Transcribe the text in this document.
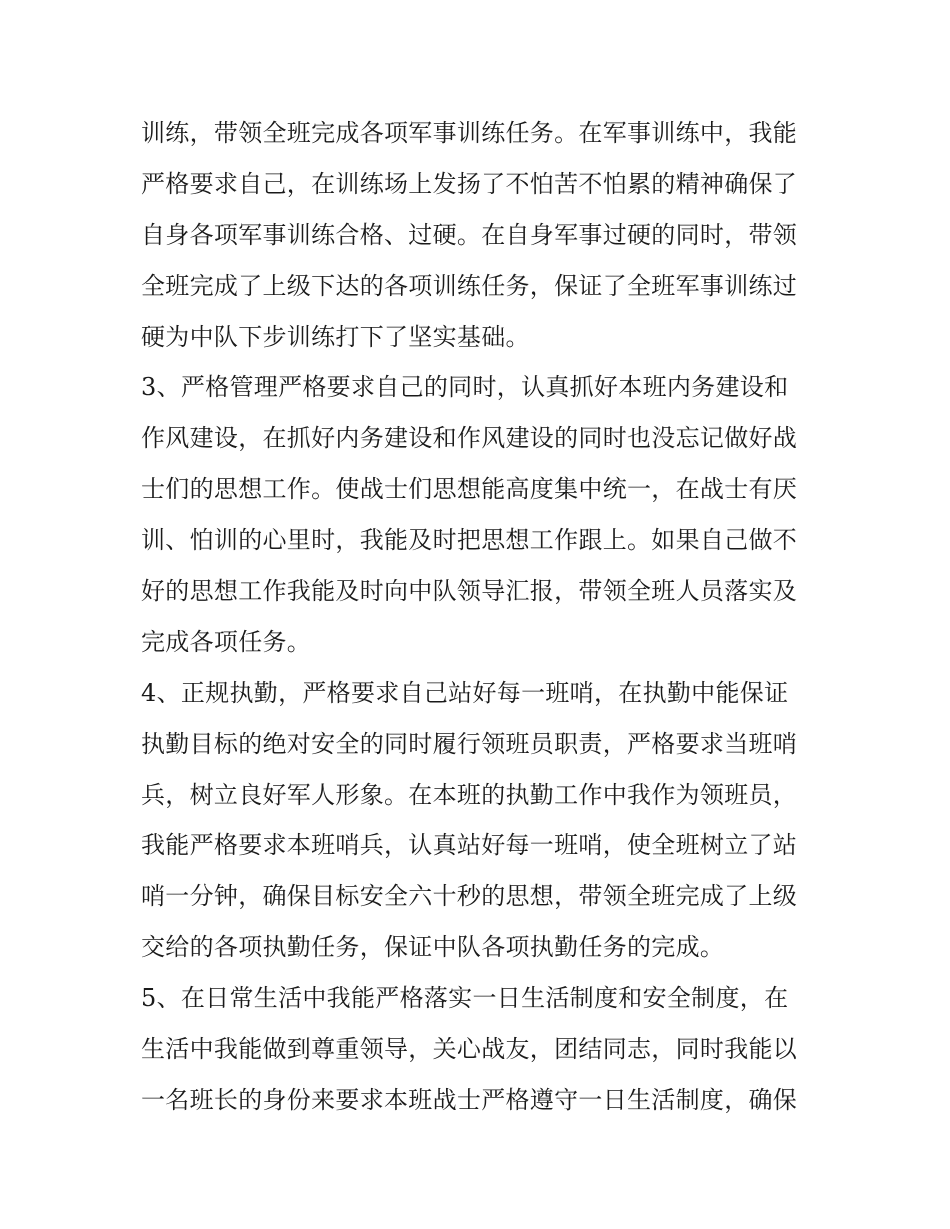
训练，带领全班完成各项军事训练任务。在军事训练中，我能
严格要求自己，在训练场上发扬了不怕苦不怕累的精神确保了
自身各项军事训练合格、过硬。在自身军事过硬的同时，带领
全班完成了上级下达的各项训练任务，保证了全班军事训练过
硬为中队下步训练打下了坚实基础。
3、严格管理严格要求自己的同时，认真抓好本班内务建设和
作风建设，在抓好内务建设和作风建设的同时也没忘记做好战
士们的思想工作。使战士们思想能高度集中统一，在战士有厌
训、怕训的心里时，我能及时把思想工作跟上。如果自己做不
好的思想工作我能及时向中队领导汇报，带领全班人员落实及
完成各项任务。
4、正规执勤，严格要求自己站好每一班哨，在执勤中能保证
执勤目标的绝对安全的同时履行领班员职责，严格要求当班哨
兵，树立良好军人形象。在本班的执勤工作中我作为领班员，
我能严格要求本班哨兵，认真站好每一班哨，使全班树立了站
哨一分钟，确保目标安全六十秒的思想，带领全班完成了上级
交给的各项执勤任务，保证中队各项执勤任务的完成。
5、在日常生活中我能严格落实一日生活制度和安全制度，在
生活中我能做到尊重领导，关心战友，团结同志，同时我能以
一名班长的身份来要求本班战士严格遵守一日生活制度，确保
